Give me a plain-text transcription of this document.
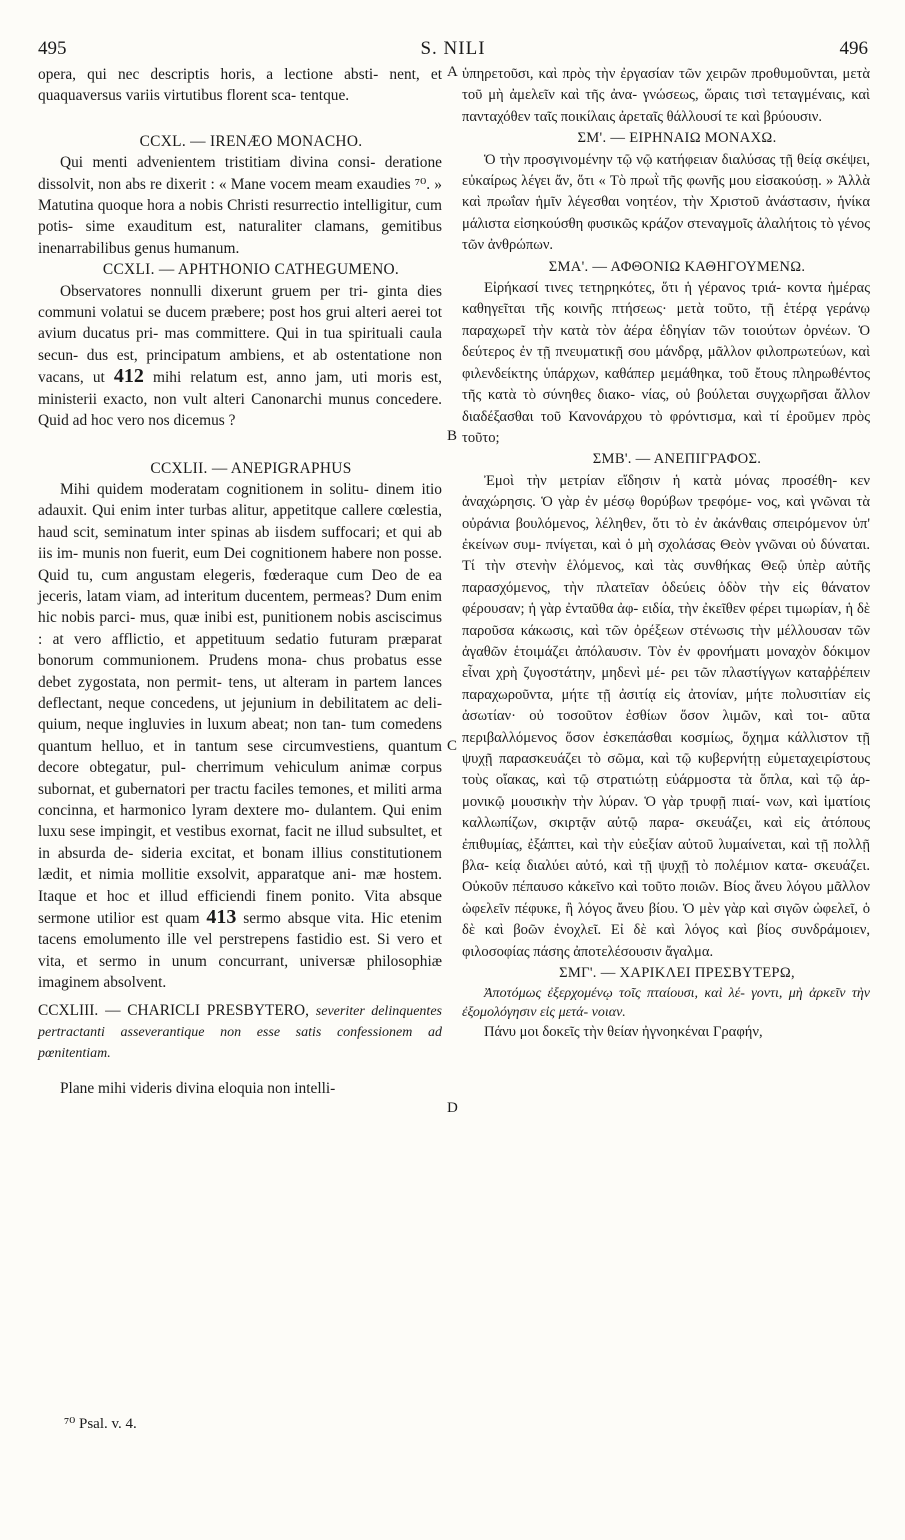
495	S. NILI	496
A
B
C
D

opera, qui nec descriptis horis, a lectione absti- nent, et quaquaversus variis virtutibus florent sca- tentque.

CCXL. — IRENÆO MONACHO.

Qui menti advenientem tristitiam divina consi- deratione dissolvit, non abs re dixerit : « Mane vocem meam exaudies ⁷⁰. » Matutina quoque hora a nobis Christi resurrectio intelligitur, cum potis- sime exauditum est, naturaliter clamans, gemitibus inenarrabilibus genus humanum.

CCXLI. — APHTHONIO CATHEGUMENO.

Observatores nonnulli dixerunt gruem per tri- ginta dies communi volatui se ducem præbere; post hos grui alteri aerei tot avium ducatus pri- mas committere. Qui in tua spirituali caula secun- dus est, principatum ambiens, et ab ostentatione non vacans, ut 412 mihi relatum est, anno jam, uti moris est, ministerii exacto, non vult alteri Canonarchi munus concedere. Quid ad hoc vero nos dicemus ?

CCXLII. — ANEPIGRAPHUS

Mihi quidem moderatam cognitionem in solitu- dinem itio adauxit. Qui enim inter turbas alitur, appetitque callere cœlestia, haud scit, seminatum inter spinas ab iisdem suffocari; et qui ab iis im- munis non fuerit, eum Dei cognitionem habere non posse. Quid tu, cum angustam elegeris, fœderaque cum Deo de ea jeceris, latam viam, ad interitum ducentem, permeas? Dum enim hic nobis parci- mus, quæ inibi est, punitionem nobis asciscimus : at vero afflictio, et appetituum sedatio futuram præparat bonorum communionem. Prudens mona- chus probatus esse debet zygostata, non permit- tens, ut alteram in partem lances deflectant, neque concedens, ut jejunium in debilitatem ac deli- quium, neque ingluvies in luxum abeat; non tan- tum comedens quantum helluo, et in tantum sese circumvestiens, quantum decore obtegatur, pul- cherrimum vehiculum animæ corpus subornat, et gubernatori per tractu faciles temones, et militi arma concinna, et harmonico lyram dextere mo- dulantem. Qui enim luxu sese impingit, et vestibus exornat, facit ne illud subsultet, et in absurda de- sideria excitat, et bonam illius constitutionem lædit, et nimia mollitie exsolvit, apparatque ani- mæ hostem. Itaque et hoc et illud efficiendi finem ponito. Vita absque sermone utilior est quam 413 sermo absque vita. Hic etenim tacens emolumento ille vel perstrepens fastidio est. Si vero et vita, et sermo in unum concurrant, universæ philosophiæ imaginem absolvent.

CCXLIII. — CHARICLI PRESBYTERO, severiter delinquentes pertractanti asseverantique non esse satis confessionem ad pœnitentiam.

Plane mihi videris divina eloquia non intelli-

ὑπηρετοῦσι, καὶ πρὸς τὴν ἐργασίαν τῶν χειρῶν προθυμοῦνται, μετὰ τοῦ μὴ ἀμελεῖν καὶ τῆς ἀνα- γνώσεως, ὥραις τισὶ τεταγμέναις, καὶ πανταχόθεν ταῖς ποικίλαις ἀρεταῖς θάλλουσί τε καὶ βρύουσιν.

ΣΜ'. — ΕΙΡΗΝΑΙΩ ΜΟΝΑΧΩ.

Ὁ τὴν προσγινομένην τῷ νῷ κατήφειαν διαλύσας τῇ θείᾳ σκέψει, εὐκαίρως λέγει ἄν, ὅτι « Τὸ πρωῒ τῆς φωνῆς μου εἰσακούσῃ. » Ἀλλὰ καὶ πρωΐαν ἡμῖν λέγεσθαι νοητέον, τὴν Χριστοῦ ἀνάστασιν, ἡνίκα μάλιστα εἰσηκούσθη φυσικῶς κράζον στεναγμοῖς ἀλαλήτοις τὸ γένος τῶν ἀνθρώπων.

ΣΜΑ'. — ΑΦΘΟΝΙΩ ΚΑΘΗΓΟΥΜΕΝΩ.

Εἰρήκασί τινες τετηρηκότες, ὅτι ἡ γέρανος τριά- κοντα ἡμέρας καθηγεῖται τῆς κοινῆς πτήσεως· μετὰ τοῦτο, τῇ ἑτέρᾳ γεράνῳ παραχωρεῖ τὴν κατὰ τὸν ἀέρα ἐδηγίαν τῶν τοιούτων ὀρνέων. Ὁ δεύτερος ἐν τῇ πνευματικῇ σου μάνδρᾳ, μᾶλλον φιλοπρωτεύων, καὶ φιλενδείκτης ὑπάρχων, καθάπερ μεμάθηκα, τοῦ ἔτους πληρωθέντος τῆς κατὰ τὸ σύνηθες διακο- νίας, οὐ βούλεται συγχωρῆσαι ἄλλον διαδέξασθαι τοῦ Κανονάρχου τὸ φρόντισμα, καὶ τί ἐροῦμεν πρὸς τοῦτο;

ΣΜΒ'. — ΑΝΕΠΙΓΡΑΦΟΣ.

Ἐμοὶ τὴν μετρίαν εἴδησιν ἡ κατὰ μόνας προσέθη- κεν ἀναχώρησις. Ὁ γὰρ ἐν μέσῳ θορύβων τρεφόμε- νος, καὶ γνῶναι τὰ οὐράνια βουλόμενος, λέληθεν, ὅτι τὸ ἐν ἀκάνθαις σπειρόμενον ὑπ' ἐκείνων συμ- πνίγεται, καὶ ὁ μὴ σχολάσας Θεὸν γνῶναι οὐ δύναται. Τί τὴν στενὴν ἑλόμενος, καὶ τὰς συνθήκας Θεῷ ὑπὲρ αὐτῆς παρασχόμενος, τὴν πλατεῖαν ὁδεύεις ὁδὸν τὴν εἰς θάνατον φέρουσαν; ἡ γὰρ ἐνταῦθα ἀφ- ειδία, τὴν ἐκεῖθεν φέρει τιμωρίαν, ἡ δὲ παροῦσα κάκωσις, καὶ τῶν ὀρέξεων στένωσις τὴν μέλλουσαν τῶν ἀγαθῶν ἑτοιμάζει ἀπόλαυσιν. Τὸν ἐν φρονήματι μοναχὸν δόκιμον εἶναι χρὴ ζυγοστάτην, μηδενὶ μέ- ρει τῶν πλαστίγγων καταῤῥέπειν παραχωροῦντα, μήτε τῇ ἀσιτίᾳ εἰς ἀτονίαν, μήτε πολυσιτίαν εἰς ἀσωτίαν· οὐ τοσοῦτον ἐσθίων ὅσον λιμῶν, καὶ τοι- αῦτα περιβαλλόμενος ὅσον ἐσκεπάσθαι κοσμίως, ὄχημα κάλλιστον τῇ ψυχῇ παρασκευάζει τὸ σῶμα, καὶ τῷ κυβερνήτῃ εὐμεταχειρίστους τοὺς οἴακας, καὶ τῷ στρατιώτῃ εὐάρμοστα τὰ ὅπλα, καὶ τῷ ἁρ- μονικῷ μουσικὴν τὴν λύραν. Ὁ γὰρ τρυφῇ πιαί- νων, καὶ ἱματίοις καλλωπίζων, σκιρτᾷν αὐτῷ παρα- σκευάζει, καὶ εἰς ἀτόπους ἐπιθυμίας, ἐξάπτει, καὶ τὴν εὐεξίαν αὐτοῦ λυμαίνεται, καὶ τῇ πολλῇ βλα- κείᾳ διαλύει αὐτό, καὶ τῇ ψυχῇ τὸ πολέμιον κατα- σκευάζει. Οὐκοῦν πέπαυσο κἀκεῖνο καὶ τοῦτο ποιῶν. Βίος ἄνευ λόγου μᾶλλον ὠφελεῖν πέφυκε, ἢ λόγος ἄνευ βίου. Ὁ μὲν γὰρ καὶ σιγῶν ὠφελεῖ, ὁ δὲ καὶ βοῶν ἐνοχλεῖ. Εἰ δὲ καὶ λόγος καὶ βίος συνδράμοιεν, φιλοσοφίας πάσης ἀποτελέσουσιν ἄγαλμα.

ΣΜΓ'. — ΧΑΡΙΚΛΕΙ ΠΡΕΣΒΥΤΕΡΩ,

Ἀποτόμως ἐξερχομένῳ τοῖς πταίουσι, καὶ λέ- γοντι, μὴ ἀρκεῖν τὴν ἐξομολόγησιν εἰς μετά- νοιαν.

Πάνυ μοι δοκεῖς τὴν θείαν ἠγνοηκέναι Γραφήν,

⁷⁰ Psal. v. 4.
